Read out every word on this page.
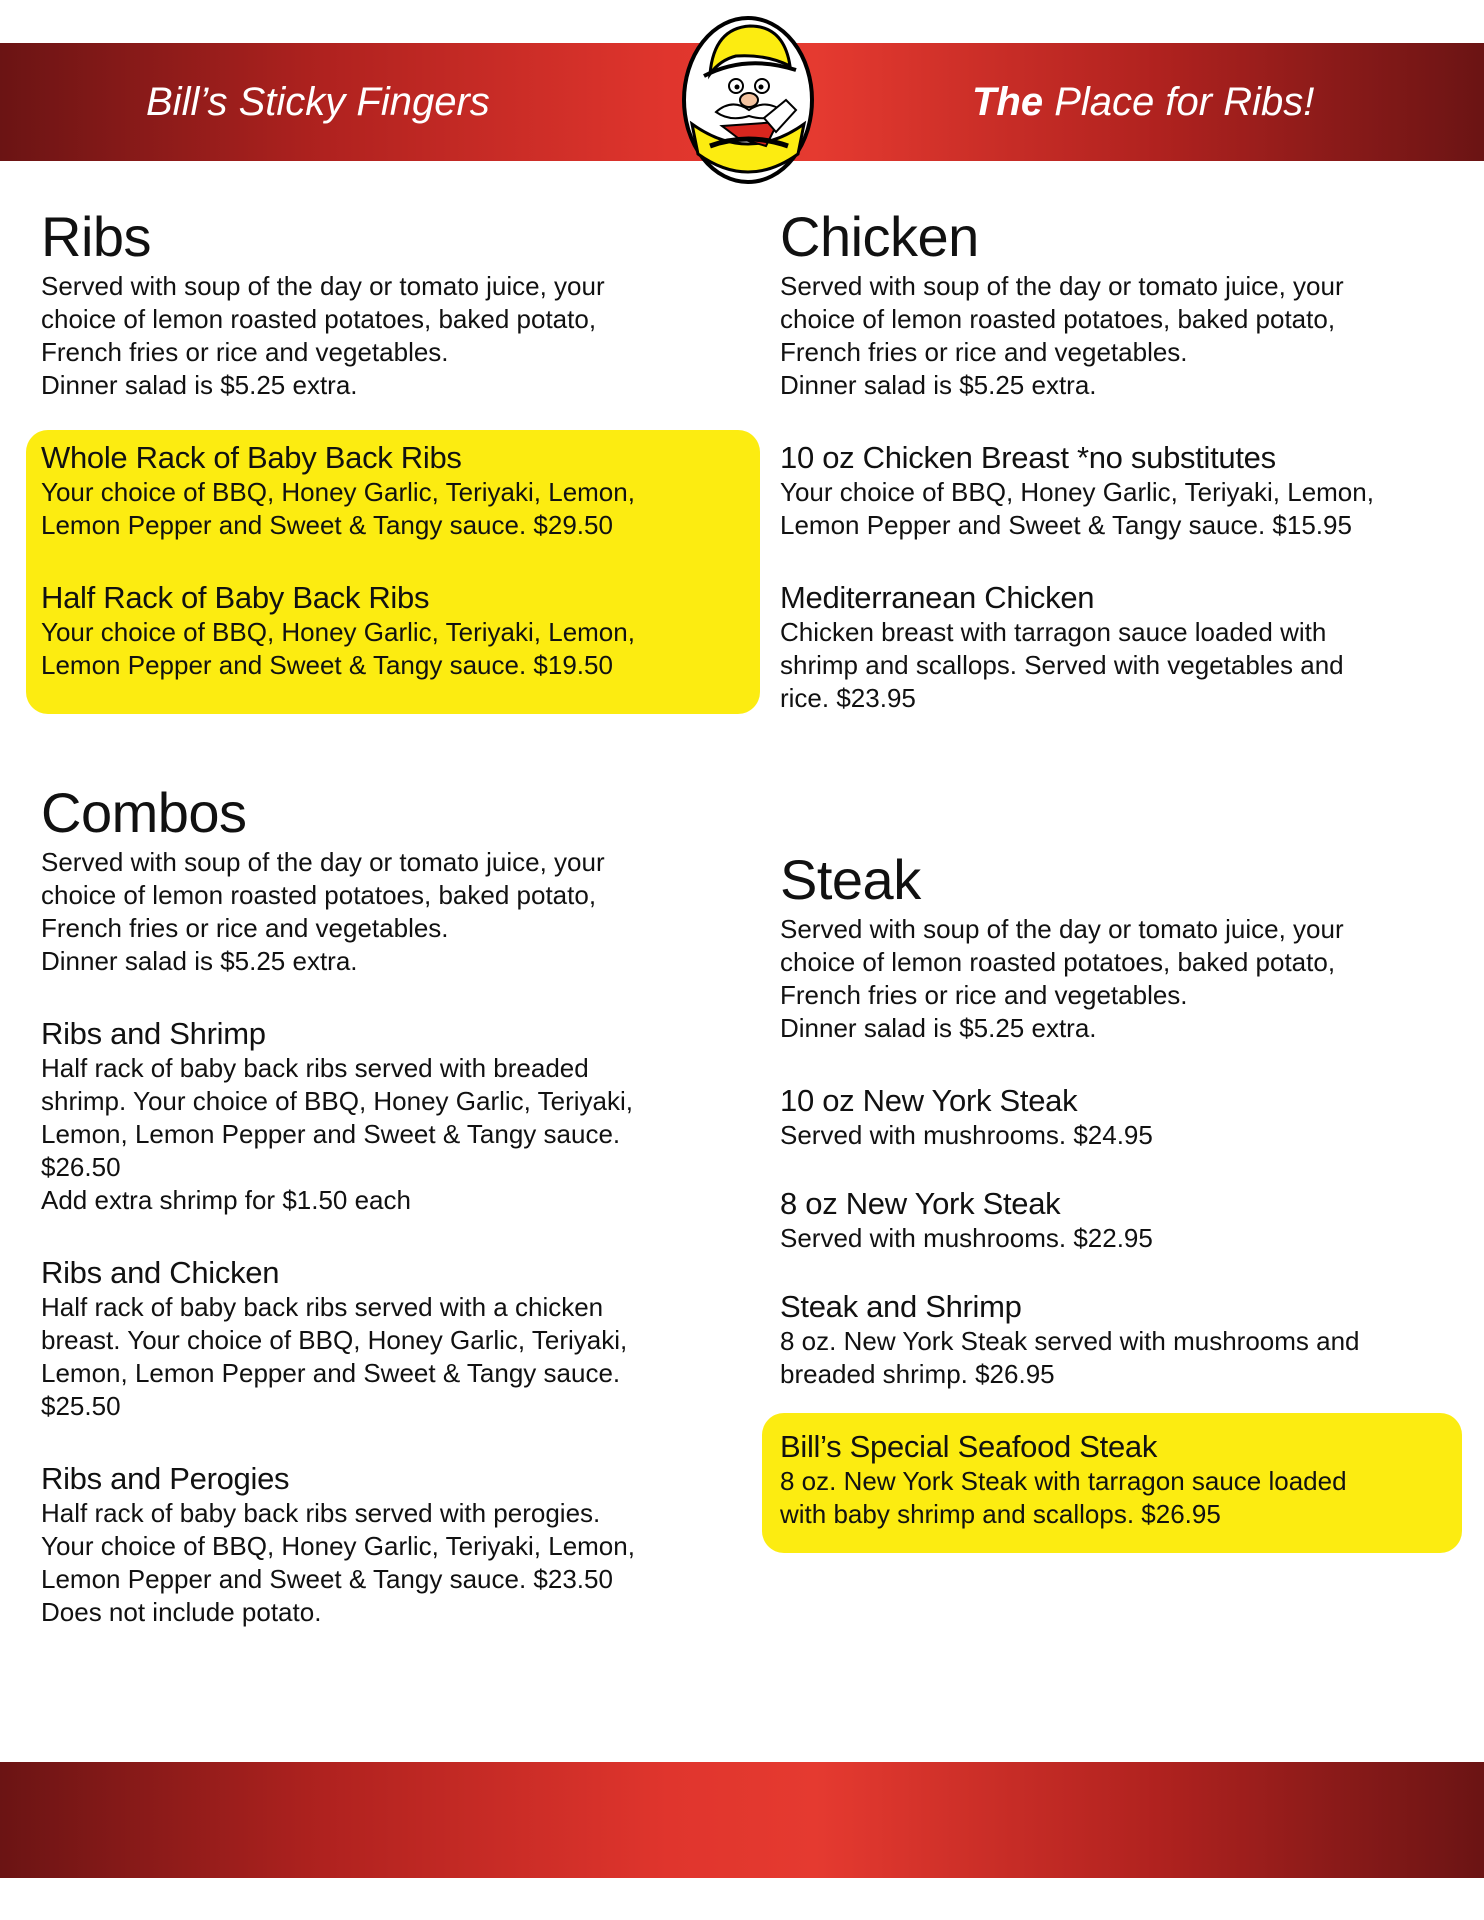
Bill’s Sticky Fingers	The Place for Ribs!
Ribs

Served with soup of the day or tomato juice, your
choice of lemon roasted potatoes, baked potato,
French fries or rice and vegetables.
Dinner salad is $5.25 extra.

Whole Rack of Baby Back Ribs

Your choice of BBQ, Honey Garlic, Teriyaki, Lemon,
Lemon Pepper and Sweet & Tangy sauce. $29.50

Half Rack of Baby Back Ribs

Your choice of BBQ, Honey Garlic, Teriyaki, Lemon,
Lemon Pepper and Sweet & Tangy sauce. $19.50

Chicken

Served with soup of the day or tomato juice, your
choice of lemon roasted potatoes, baked potato,
French fries or rice and vegetables.
Dinner salad is $5.25 extra.

10 oz Chicken Breast *no substitutes

Your choice of BBQ, Honey Garlic, Teriyaki, Lemon,
Lemon Pepper and Sweet & Tangy sauce. $15.95

Mediterranean Chicken

Chicken breast with tarragon sauce loaded with
shrimp and scallops. Served with vegetables and
rice. $23.95

Combos

Served with soup of the day or tomato juice, your
choice of lemon roasted potatoes, baked potato,
French fries or rice and vegetables.
Dinner salad is $5.25 extra.

Ribs and Shrimp

Half rack of baby back ribs served with breaded
shrimp. Your choice of BBQ, Honey Garlic, Teriyaki,
Lemon, Lemon Pepper and Sweet & Tangy sauce.
$26.50
Add extra shrimp for $1.50 each

Ribs and Chicken

Half rack of baby back ribs served with a chicken
breast. Your choice of BBQ, Honey Garlic, Teriyaki,
Lemon, Lemon Pepper and Sweet & Tangy sauce.
$25.50

Ribs and Perogies

Half rack of baby back ribs served with perogies.
Your choice of BBQ, Honey Garlic, Teriyaki, Lemon,
Lemon Pepper and Sweet & Tangy sauce. $23.50
Does not include potato.

Steak

Served with soup of the day or tomato juice, your
choice of lemon roasted potatoes, baked potato,
French fries or rice and vegetables.
Dinner salad is $5.25 extra.

10 oz New York Steak

Served with mushrooms. $24.95

8 oz New York Steak

Served with mushrooms. $22.95

Steak and Shrimp

8 oz. New York Steak served with mushrooms and
breaded shrimp. $26.95

Bill’s Special Seafood Steak

8 oz. New York Steak with tarragon sauce loaded
with baby shrimp and scallops. $26.95
